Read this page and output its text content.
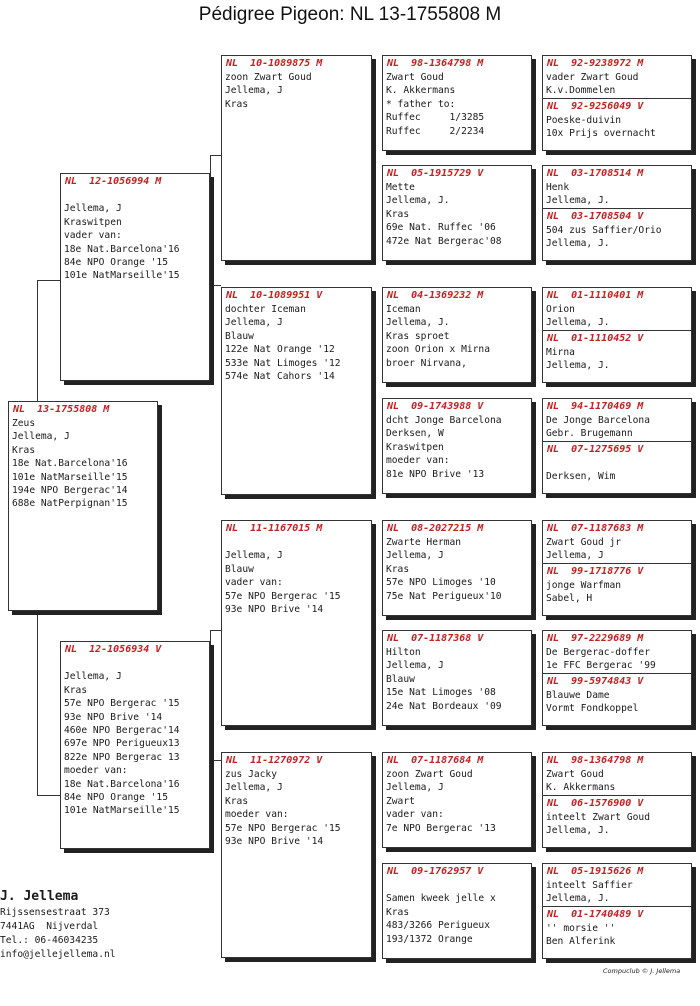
Pédigree Pigeon: NL 13-1755808 M
NL  13-1755808 M
Zeus
Jellema, J
Kras
18e Nat.Barcelona'16
101e NatMarseille'15
194e NPO Bergerac'14
688e NatPerpignan'15
NL  12-1056994 M
Jellema, J
Kraswitpen
vader van:
18e Nat.Barcelona'16
84e NPO Orange '15
101e NatMarseille'15
NL  12-1056934 V
Jellema, J
Kras
57e NPO Bergerac '15
93e NPO Brive '14
460e NPO Bergerac'14
697e NPO Perigueux13
822e NPO Bergerac 13
moeder van:
18e Nat.Barcelona'16
84e NPO Orange '15
101e NatMarseille'15
NL  10-1089875 M
zoon Zwart Goud
Jellema, J
Kras
NL  10-1089951 V
dochter Iceman
Jellema, J
Blauw
122e Nat Orange '12
533e Nat Limoges '12
574e Nat Cahors '14
NL  11-1167015 M
Jellema, J
Blauw
vader van:
57e NPO Bergerac '15
93e NPO Brive '14
NL  11-1270972 V
zus Jacky
Jellema, J
Kras
moeder van:
57e NPO Bergerac '15
93e NPO Brive '14
NL  98-1364798 M
Zwart Goud
K. Akkermans
* father to:
Ruffec     1/3285
Ruffec     2/2234
NL  05-1915729 V
Mette
Jellema, J.
Kras
69e Nat. Ruffec '06
472e Nat Bergerac'08
NL  04-1369232 M
Iceman
Jellema, J.
Kras sproet
zoon Orion x Mirna
broer Nirvana,
NL  09-1743988 V
dcht Jonge Barcelona
Derksen, W
Kraswitpen
moeder van:
81e NPO Brive '13
NL  08-2027215 M
Zwarte Herman
Jellema, J
Kras
57e NPO Limoges '10
75e Nat Perigueux'10
NL  07-1187368 V
Hilton
Jellema, J
Blauw
15e Nat Limoges '08
24e Nat Bordeaux '09
NL  07-1187684 M
zoon Zwart Goud
Jellema, J
Zwart
vader van:
7e NPO Bergerac '13
NL  09-1762957 V
Samen kweek jelle x
Kras
483/3266 Perigueux
193/1372 Orange
NL  92-9238972 M
vader Zwart Goud
K.v.Dommelen
NL  92-9256049 V
Poeske-duivin
10x Prijs overnacht
NL  03-1708514 M
Henk
Jellema, J.
NL  03-1708504 V
504 zus Saffier/Orio
Jellema, J.
NL  01-1110401 M
Orion
Jellema, J.
NL  01-1110452 V
Mirna
Jellema, J.
NL  94-1170469 M
De Jonge Barcelona
Gebr. Brugemann
NL  07-1275695 V
Derksen, Wim
NL  07-1187683 M
Zwart Goud jr
Jellema, J
NL  99-1718776 V
jonge Warfman
Sabel, H
NL  97-2229689 M
De Bergerac-doffer
1e FFC Bergerac '99
NL  99-5974843 V
Blauwe Dame
Vormt Fondkoppel
NL  98-1364798 M
Zwart Goud
K. Akkermans
NL  06-1576900 V
inteelt Zwart Goud
Jellema, J.
NL  05-1915626 M
inteelt Saffier
Jellema, J.
NL  01-1740489 V
'' morsie ''
Ben Alferink
J. Jellema
Rijssensestraat 373
7441AG  Nijverdal
Tel.: 06-46034235
info@jellejellema.nl
Compuclub © J. Jellema
